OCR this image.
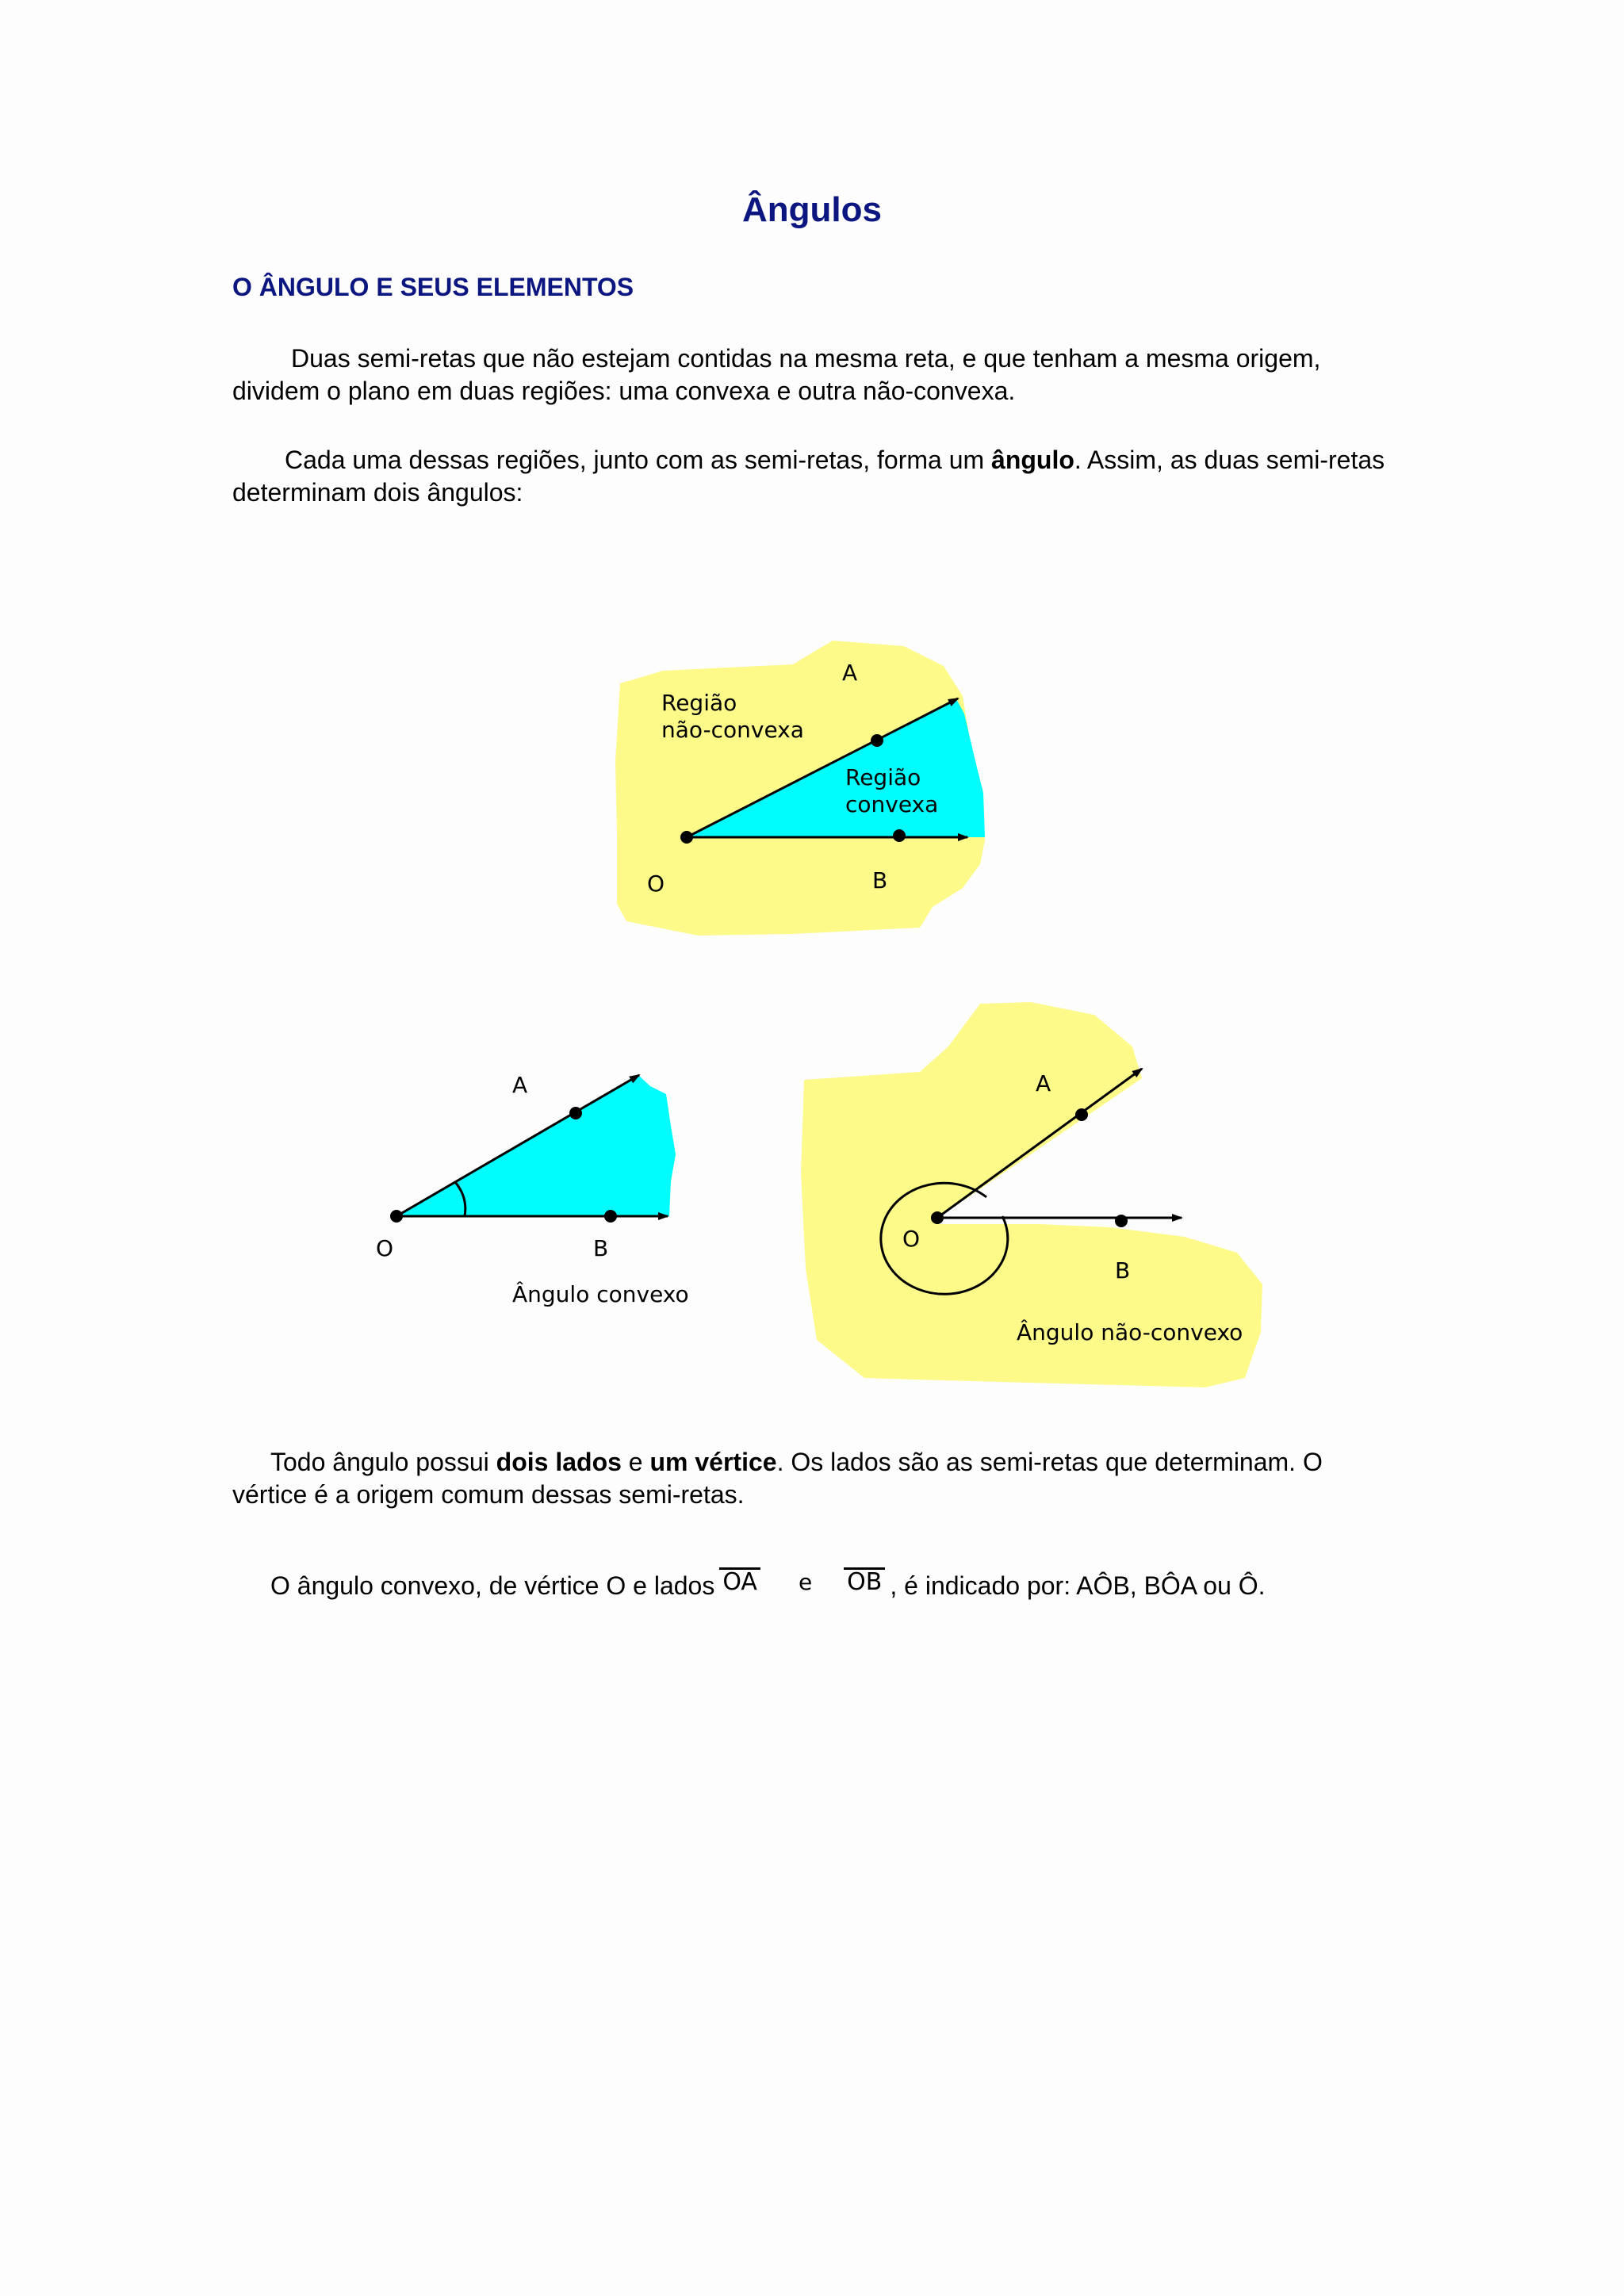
Ângulos
O ÂNGULO E SEUS ELEMENTOS

Duas semi-retas que não estejam contidas na mesma reta, e que tenham a mesma origem, dividem o plano em duas regiões: uma convexa e outra não-convexa.

Cada uma dessas regiões, junto com as semi-retas, forma um ângulo. Assim, as duas semi-retas determinam dois ângulos:

A
O	B
Região
não-convexa
Região
convexa
A
O	B
Ângulo convexo
A
O
B
Ângulo não-convexo

Todo ângulo possui dois lados e um vértice. Os lados são as semi-retas que determinam. O vértice é a origem comum dessas semi-retas.

O ângulo convexo, de vértice O e lados OA e OB , é indicado por: AÔB, BÔA ou Ô.
